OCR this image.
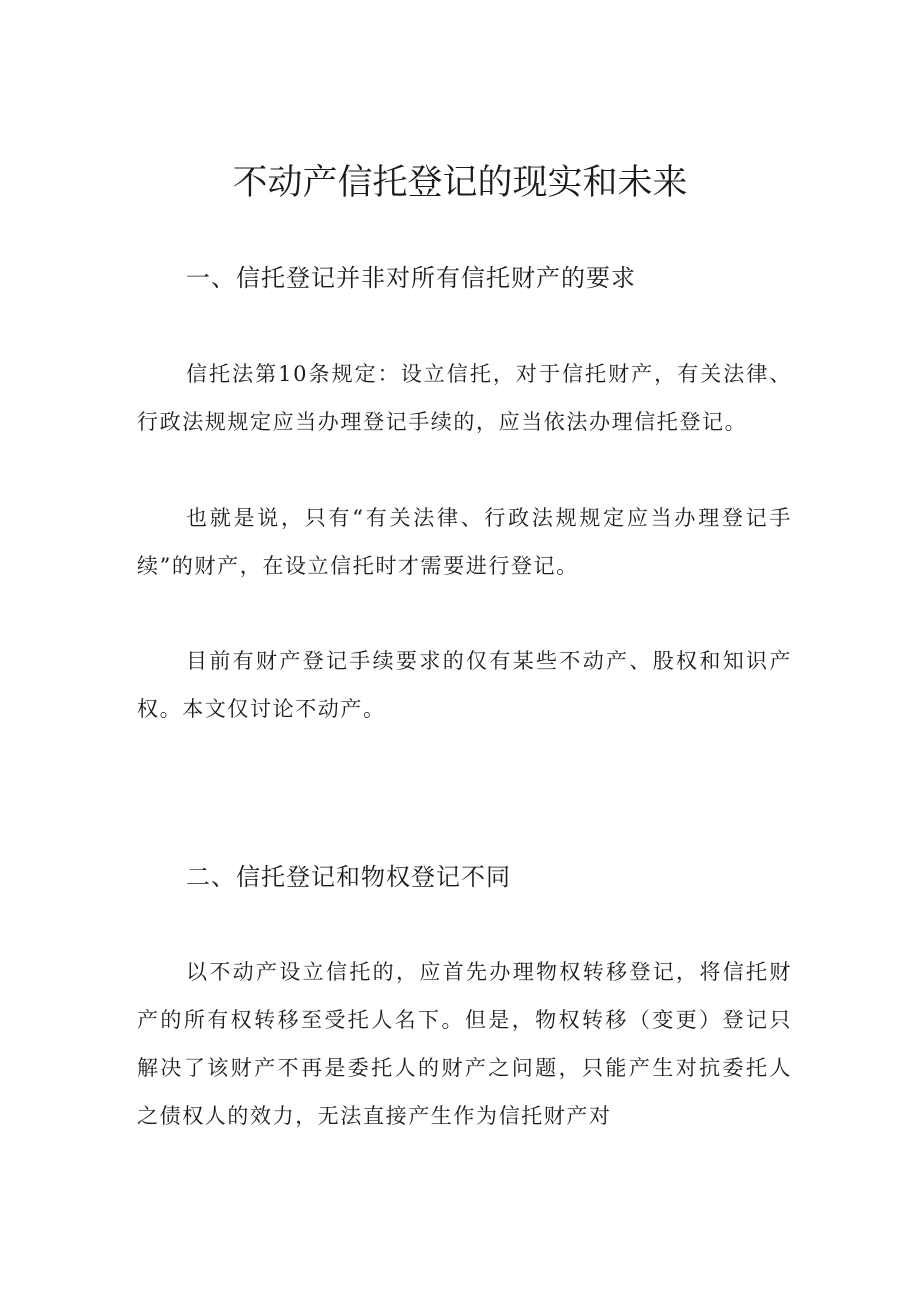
不动产信托登记的现实和未来
一、信托登记并非对所有信托财产的要求

信托法第10条规定：设立信托，对于信托财产，有关法律、行政法规规定应当办理登记手续的，应当依法办理信托登记。

也就是说，只有“有关法律、行政法规规定应当办理登记手续”的财产，在设立信托时才需要进行登记。

目前有财产登记手续要求的仅有某些不动产、股权和知识产权。本文仅讨论不动产。

二、信托登记和物权登记不同

以不动产设立信托的，应首先办理物权转移登记，将信托财产的所有权转移至受托人名下。但是，物权转移（变更）登记只解决了该财产不再是委托人的财产之问题，只能产生对抗委托人之债权人的效力，无法直接产生作为信托财产对
